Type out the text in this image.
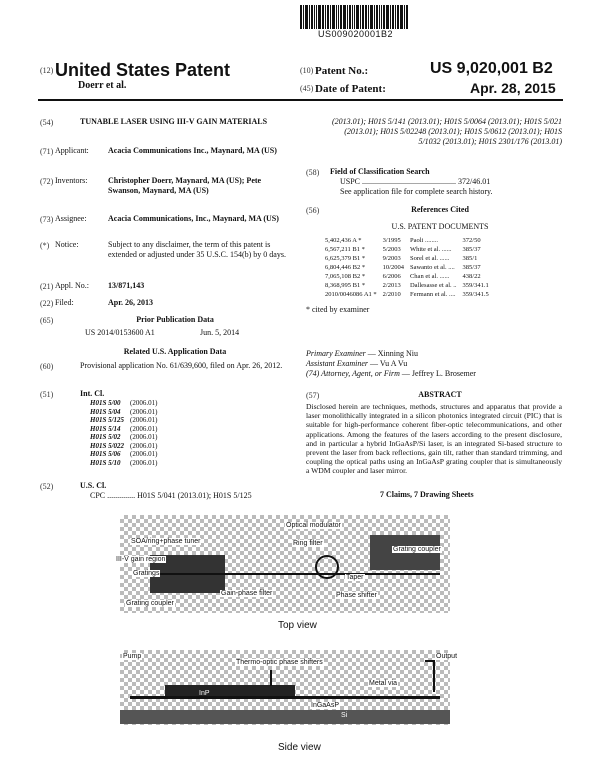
US009020001B2
(12) United States Patent
Doerr et al.
(10) Patent No.:	US 9,020,001 B2
(45) Date of Patent:	Apr. 28, 2015
(54)	TUNABLE LASER USING III-V GAIN MATERIALS
(71) Applicant: Acacia Communications Inc., Maynard, MA (US)
(72) Inventors:	Christopher Doerr, Maynard, MA (US); Pete Swanson, Maynard, MA (US)
(73) Assignee:	Acacia Communications, Inc., Maynard, MA (US)
(*) Notice:	Subject to any disclaimer, the term of this patent is extended or adjusted under 35 U.S.C. 154(b) by 0 days.
(21) Appl. No.: 13/871,143
(22) Filed:	Apr. 26, 2013
(65)	Prior Publication Data
US 2014/0153600 A1	Jun. 5, 2014
Related U.S. Application Data
(60)	Provisional application No. 61/639,600, filed on Apr. 26, 2012.
(51)	Int. Cl.
H01S 5/00	(2006.01)
H01S 5/04	(2006.01)
H01S 5/125	(2006.01)
H01S 5/14	(2006.01)
H01S 5/02	(2006.01)
H01S 5/022	(2006.01)
H01S 5/06	(2006.01)
H01S 5/10	(2006.01)
(52)	U.S. Cl.
CPC .............. H01S 5/041 (2013.01); H01S 5/125
(2013.01); H01S 5/141 (2013.01); H01S 5/0064 (2013.01); H01S 5/021 (2013.01); H01S 5/02248 (2013.01); H01S 5/0612 (2013.01); H01S 5/1032 (2013.01); H01S 2301/176 (2013.01)
(58) Field of Classification Search
USPC ............................................... 372/46.01
See application file for complete search history.
(56)	References Cited
U.S. PATENT DOCUMENTS
5,402,436 A *	3/1995	Paoli ........	372/50
6,567,211 B1 *	5/2003	White et al. ......	385/37
6,625,379 B1 *	9/2003	Sorel et al. ......	385/1
6,804,446 B2 *	10/2004	Sawanto et al. ....	385/37
7,065,108 B2 *	6/2006	Chan et al. ......	438/22
8,368,995 B1 *	2/2013	Dallesasse et al. ..	359/341.1
2010/0046086 A1 *	2/2010	Fermann et al. ....	359/341.5
* cited by examiner
Primary Examiner — Xinning Niu
Assistant Examiner — Vu A Vu
(74) Attorney, Agent, or Firm — Jeffrey L. Brosemer
(57)	ABSTRACT
Disclosed herein are techniques, methods, structures and apparatus that provide a laser monolithically integrated in a silicon photonics integrated circuit (PIC) that is suitable for high-performance coherent fiber-optic telecommunications, and other applications. Among the features of the lasers according to the present disclosure, and in particular a hybrid InGaAsP/Si laser, is an integrated Si-based structure to prevent the laser from back reflections, gain tilt, rather than standard trimming, and coupling the optical paths using an InGaAsP grating coupler that is simultaneously a WDM coupler and laser mirror.
7 Claims, 7 Drawing Sheets
Optical modulator
SOA/ring+phase tuner	Ring filter
III-V gain region
Gratings
Grating coupler
Grating coupler
Gain-phase filter
Taper
Phase shifter
Top view
Pump
Thermo-optic phase shifters
Output
InP
InGaAsP
Metal via
Si
Side view
